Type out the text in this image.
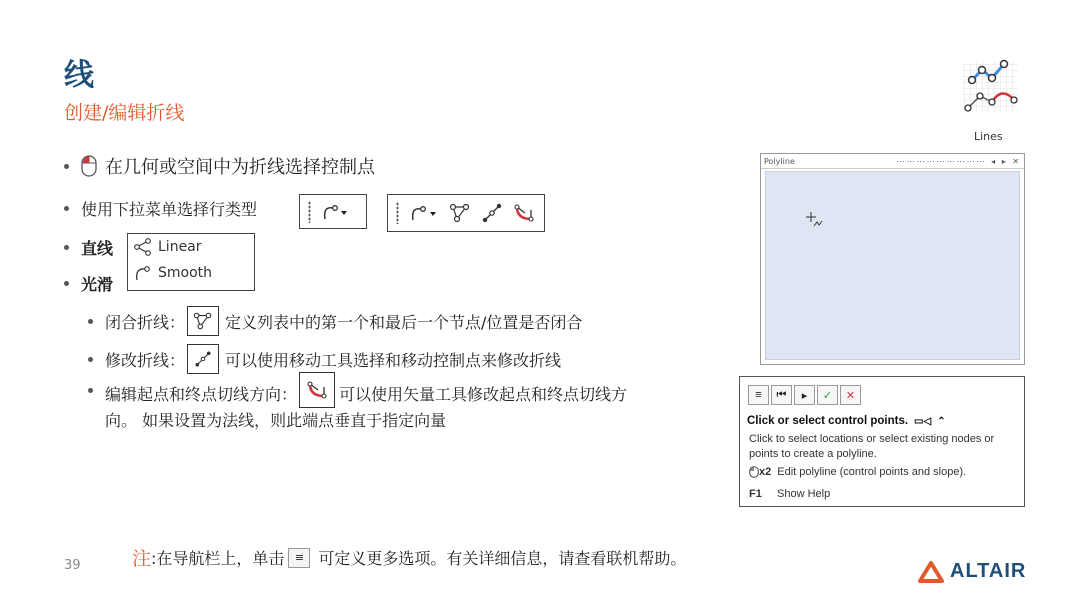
线
创建/编辑折线
Lines
在几何或空间中为折线选择控制点
使用下拉菜单选择行类型
直线
光滑
Linear
Smooth
闭合折线：	定义列表中的第一个和最后一个节点/位置是否闭合
修改折线：	可以使用移动工具选择和移动控制点来修改折线
编辑起点和终点切线方向：	可以使用矢量工具修改起点和终点切线方
向。 如果设置为法线，则此端点垂直于指定向量
Polyline	⋯⋯⋯⋯⋯⋯⋯⋯⋯ ◂ ▸ ✕
≡	⏮	▸	✓	✕
Click or select control points. ▭◁ ⌃
Click to select locations or select existing nodes or points to create a polyline.
x2 Edit polyline (control points and slope).
F1	Show Help
注 :在导航栏上，单击 ≡ 可定义更多选项。有关详细信息，请查看联机帮助。
39	ALTAIR
